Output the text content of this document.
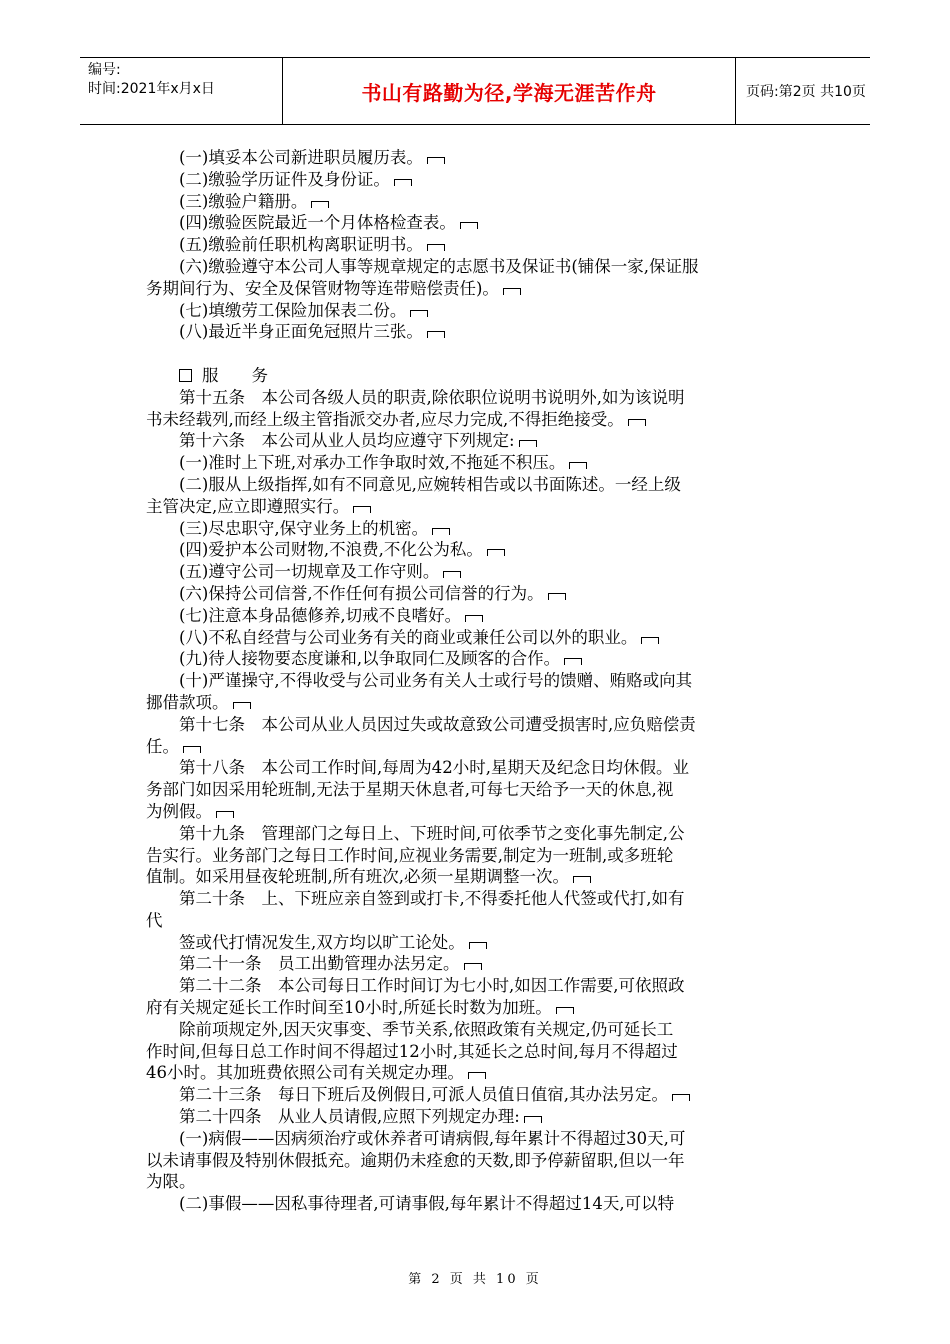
编号:
时间:2021年x月x日	书山有路勤为径,学海无涯苦作舟	页码:第2页 共10页
(一)填妥本公司新进职员履历表。
(二)缴验学历证件及身份证。
(三)缴验户籍册。
(四)缴验医院最近一个月体格检查表。
(五)缴验前任职机构离职证明书。
(六)缴验遵守本公司人事等规章规定的志愿书及保证书(铺保一家,保证服
务期间行为、安全及保管财物等连带赔偿责任)。
(七)填缴劳工保险加保表二份。
(八)最近半身正面免冠照片三张。
服　　务
第十五条　本公司各级人员的职责,除依职位说明书说明外,如为该说明
书未经载列,而经上级主管指派交办者,应尽力完成,不得拒绝接受。
第十六条　本公司从业人员均应遵守下列规定:
(一)准时上下班,对承办工作争取时效,不拖延不积压。
(二)服从上级指挥,如有不同意见,应婉转相告或以书面陈述。一经上级
主管决定,应立即遵照实行。
(三)尽忠职守,保守业务上的机密。
(四)爱护本公司财物,不浪费,不化公为私。
(五)遵守公司一切规章及工作守则。
(六)保持公司信誉,不作任何有损公司信誉的行为。
(七)注意本身品德修养,切戒不良嗜好。
(八)不私自经营与公司业务有关的商业或兼任公司以外的职业。
(九)待人接物要态度谦和,以争取同仁及顾客的合作。
(十)严谨操守,不得收受与公司业务有关人士或行号的馈赠、贿赂或向其
挪借款项。
第十七条　本公司从业人员因过失或故意致公司遭受损害时,应负赔偿责
任。
第十八条　本公司工作时间,每周为42小时,星期天及纪念日均休假。业
务部门如因采用轮班制,无法于星期天休息者,可每七天给予一天的休息,视
为例假。
第十九条　管理部门之每日上、下班时间,可依季节之变化事先制定,公
告实行。业务部门之每日工作时间,应视业务需要,制定为一班制,或多班轮
值制。如采用昼夜轮班制,所有班次,必须一星期调整一次。
第二十条　上、下班应亲自签到或打卡,不得委托他人代签或代打,如有
代
签或代打情况发生,双方均以旷工论处。
第二十一条　员工出勤管理办法另定。
第二十二条　本公司每日工作时间订为七小时,如因工作需要,可依照政
府有关规定延长工作时间至10小时,所延长时数为加班。
除前项规定外,因天灾事变、季节关系,依照政策有关规定,仍可延长工
作时间,但每日总工作时间不得超过12小时,其延长之总时间,每月不得超过
46小时。其加班费依照公司有关规定办理。
第二十三条　每日下班后及例假日,可派人员值日值宿,其办法另定。
第二十四条　从业人员请假,应照下列规定办理:
(一)病假——因病须治疗或休养者可请病假,每年累计不得超过30天,可
以未请事假及特别休假抵充。逾期仍未痊愈的天数,即予停薪留职,但以一年
为限。
(二)事假——因私事待理者,可请事假,每年累计不得超过14天,可以特
第 2 页 共 10 页
